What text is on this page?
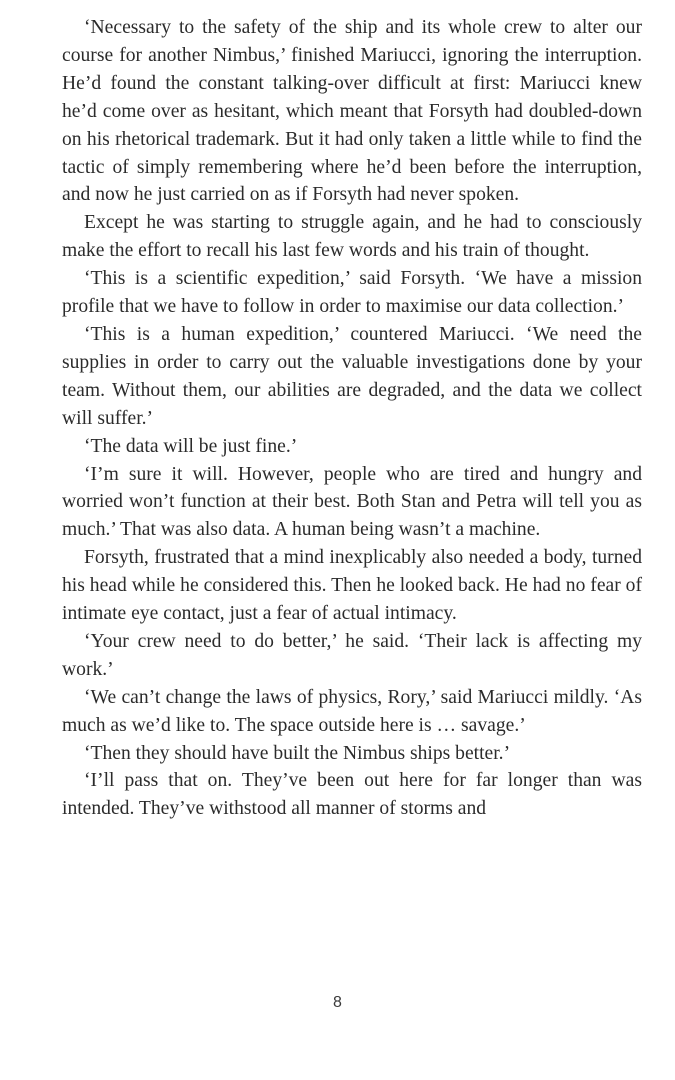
‘Necessary to the safety of the ship and its whole crew to alter our course for another Nimbus,’ finished Mariucci, ignoring the interruption. He’d found the constant talking-over difficult at first: Mariucci knew he’d come over as hesitant, which meant that Forsyth had doubled-down on his rhetorical trademark. But it had only taken a little while to find the tactic of simply remembering where he’d been before the interruption, and now he just carried on as if Forsyth had never spoken.

Except he was starting to struggle again, and he had to consciously make the effort to recall his last few words and his train of thought.

‘This is a scientific expedition,’ said Forsyth. ‘We have a mission profile that we have to follow in order to maximise our data collection.’

‘This is a human expedition,’ countered Mariucci. ‘We need the supplies in order to carry out the valuable investigations done by your team. Without them, our abilities are degraded, and the data we collect will suffer.’

‘The data will be just fine.’

‘I’m sure it will. However, people who are tired and hungry and worried won’t function at their best. Both Stan and Petra will tell you as much.’ That was also data. A human being wasn’t a machine.

Forsyth, frustrated that a mind inexplicably also needed a body, turned his head while he considered this. Then he looked back. He had no fear of intimate eye contact, just a fear of actual intimacy.

‘Your crew need to do better,’ he said. ‘Their lack is affecting my work.’

‘We can’t change the laws of physics, Rory,’ said Mariucci mildly. ‘As much as we’d like to. The space outside here is … savage.’

‘Then they should have built the Nimbus ships better.’

‘I’ll pass that on. They’ve been out here for far longer than was intended. They’ve withstood all manner of storms and

8
